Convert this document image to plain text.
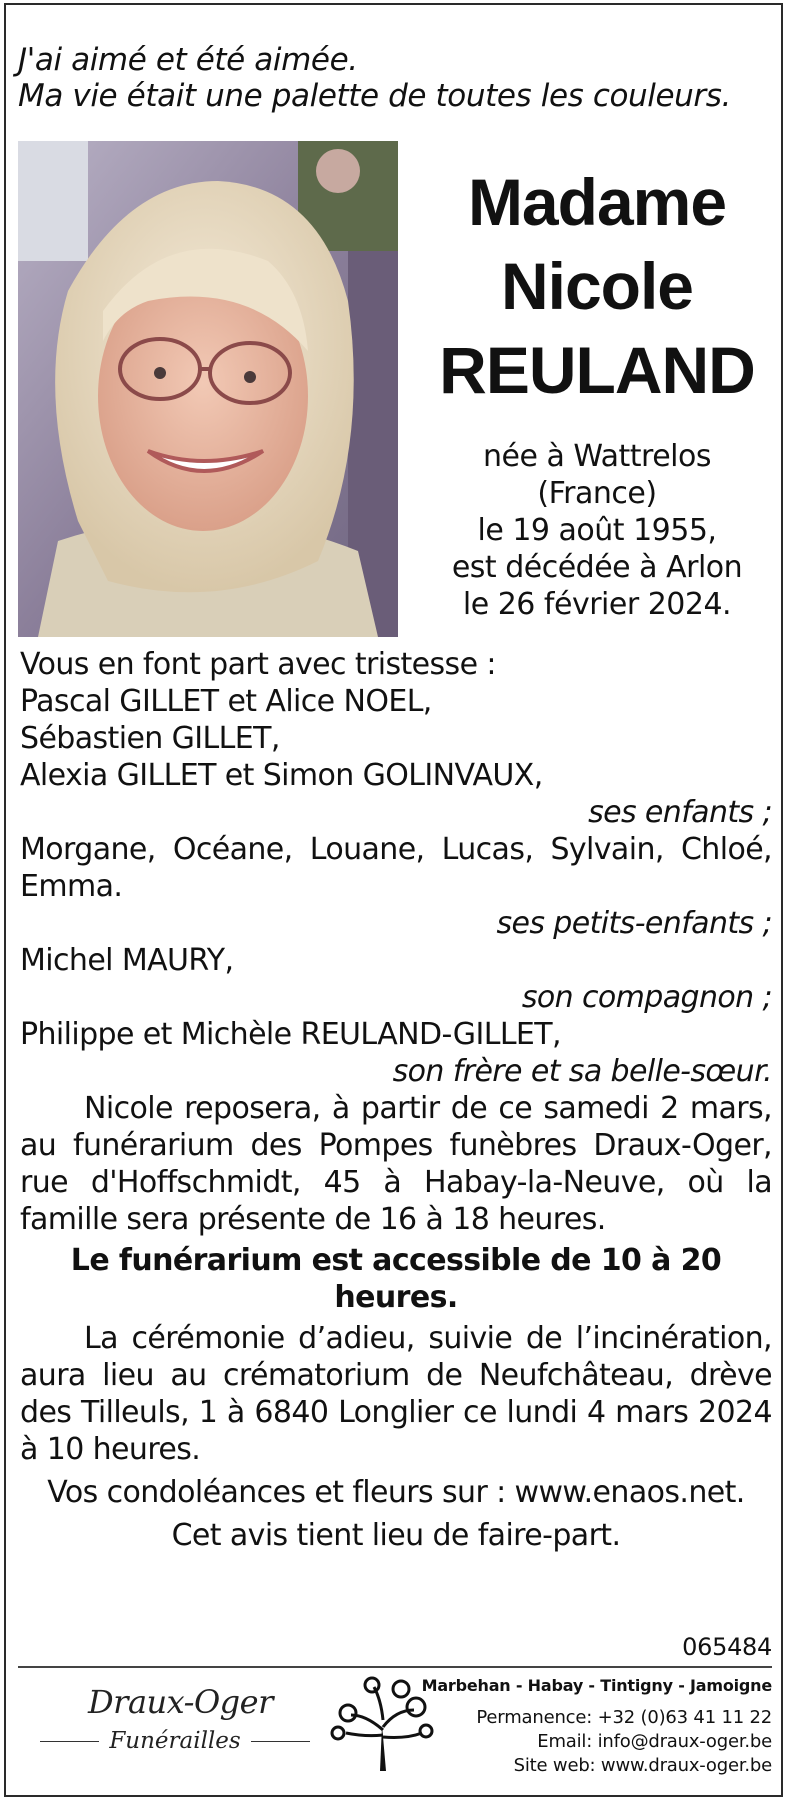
J'ai aimé et été aimée.
Ma vie était une palette de toutes les couleurs.
Madame
Nicole
REULAND
née à Wattrelos
(France)
le 19 août 1955,
est décédée à Arlon
le 26 février 2024.

Vous en font part avec tristesse :

Pascal GILLET et Alice NOEL,

Sébastien GILLET,

Alexia GILLET et Simon GOLINVAUX,

ses enfants ;

Morgane, Océane, Louane, Lucas, Sylvain, Chloé, Emma.

ses petits-enfants ;

Michel MAURY,

son compagnon ;

Philippe et Michèle REULAND-GILLET,

son frère et sa belle-sœur.

Nicole reposera, à partir de ce samedi 2 mars, au funérarium des Pompes funèbres Draux-Oger, rue d'Hoffschmidt, 45 à Habay-la-Neuve, où la famille sera présente de 16 à 18 heures.

Le funérarium est accessible de 10 à 20 heures.

La cérémonie d’adieu, suivie de l’incinération, aura lieu au crématorium de Neufchâteau, drève des Tilleuls, 1 à 6840 Longlier ce lundi 4 mars 2024 à 10 heures.

Vos condoléances et fleurs sur : www.enaos.net.

Cet avis tient lieu de faire-part.

065484
Draux-Oger
Funérailles
Marbehan - Habay - Tintigny - Jamoigne
Permanence: +32 (0)63 41 11 22
Email: info@draux-oger.be
Site web: www.draux-oger.be
